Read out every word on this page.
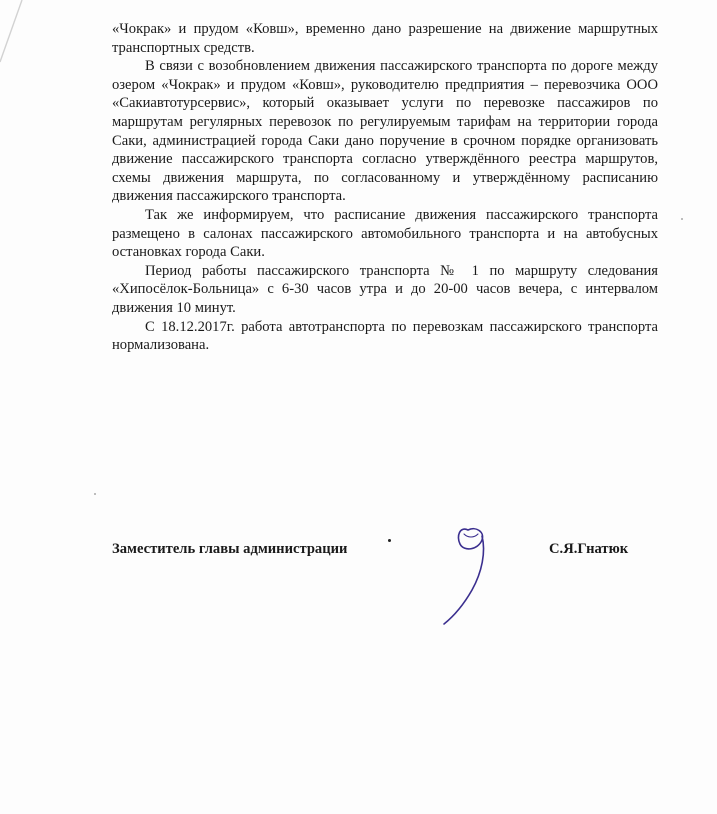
«Чокрак» и прудом «Ковш», временно дано разрешение на движение маршрутных транспортных средств.

В связи с возобновлением движения пассажирского транспорта по дороге между озером «Чокрак» и прудом «Ковш», руководителю предприятия – перевозчика ООО «Сакиавтотурсервис», который оказывает услуги по перевозке пассажиров по маршрутам регулярных перевозок по регулируемым тарифам на территории города Саки, администрацией города Саки дано поручение в срочном порядке организовать движение пассажирского транспорта согласно утверждённого реестра маршрутов, схемы движения маршрута, по согласованному и утверждённому расписанию движения пассажирского транспорта.

Так же информируем, что расписание движения пассажирского транспорта размещено в салонах пассажирского автомобильного транспорта и на автобусных остановках города Саки.

Период работы пассажирского транспорта № 1 по маршруту следования «Хипосёлок-Больница» с 6-30 часов утра и до 20-00 часов вечера, с интервалом движения 10 минут.

С 18.12.2017г. работа автотранспорта по перевозкам пассажирского транспорта нормализована.

Заместитель главы администрации	С.Я.Гнатюк
